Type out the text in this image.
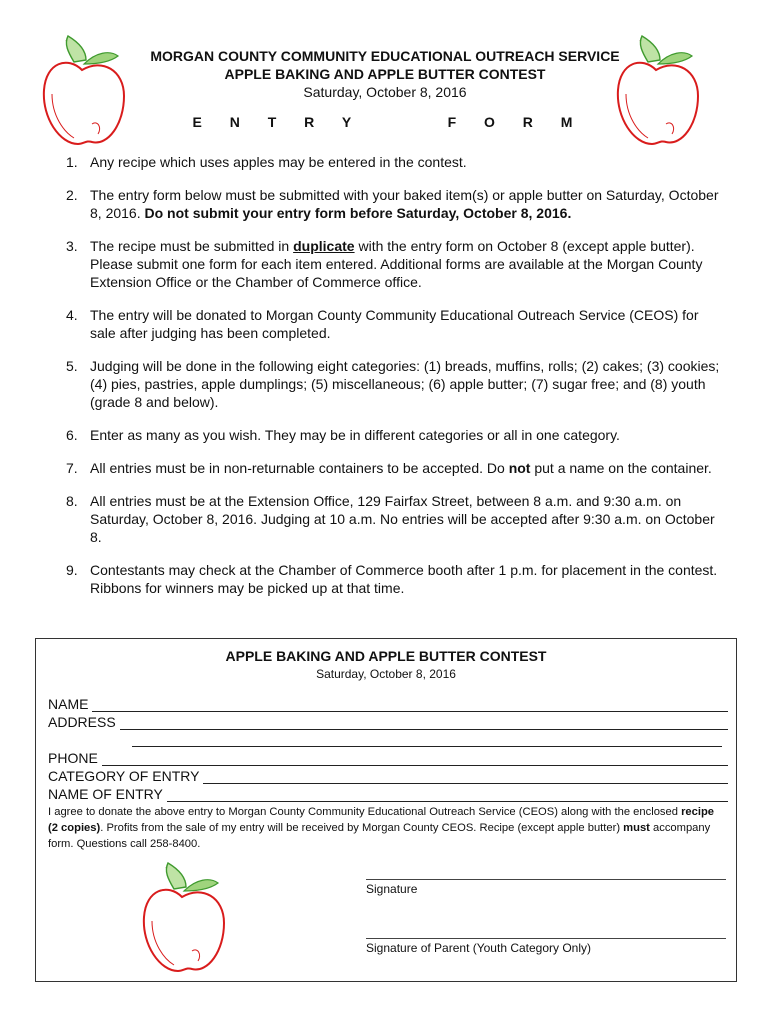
MORGAN COUNTY COMMUNITY EDUCATIONAL OUTREACH SERVICE
APPLE BAKING AND APPLE BUTTER CONTEST
Saturday, October 8, 2016
E N T R Y    F O R M
1. Any recipe which uses apples may be entered in the contest.
2. The entry form below must be submitted with your baked item(s) or apple butter on Saturday, October 8, 2016. Do not submit your entry form before Saturday, October 8, 2016.
3. The recipe must be submitted in duplicate with the entry form on October 8 (except apple butter). Please submit one form for each item entered. Additional forms are available at the Morgan County Extension Office or the Chamber of Commerce office.
4. The entry will be donated to Morgan County Community Educational Outreach Service (CEOS) for sale after judging has been completed.
5. Judging will be done in the following eight categories: (1) breads, muffins, rolls; (2) cakes; (3) cookies; (4) pies, pastries, apple dumplings; (5) miscellaneous; (6) apple butter; (7) sugar free; and (8) youth (grade 8 and below).
6. Enter as many as you wish. They may be in different categories or all in one category.
7. All entries must be in non-returnable containers to be accepted. Do not put a name on the container.
8. All entries must be at the Extension Office, 129 Fairfax Street, between 8 a.m. and 9:30 a.m. on Saturday, October 8, 2016. Judging at 10 a.m. No entries will be accepted after 9:30 a.m. on October 8.
9. Contestants may check at the Chamber of Commerce booth after 1 p.m. for placement in the contest. Ribbons for winners may be picked up at that time.
APPLE BAKING AND APPLE BUTTER CONTEST
Saturday, October 8, 2016
NAME
ADDRESS
PHONE
CATEGORY OF ENTRY
NAME OF ENTRY
I agree to donate the above entry to Morgan County Community Educational Outreach Service (CEOS) along with the enclosed recipe (2 copies). Profits from the sale of my entry will be received by Morgan County CEOS. Recipe (except apple butter) must accompany form. Questions call 258-8400.
Signature
Signature of Parent (Youth Category Only)
